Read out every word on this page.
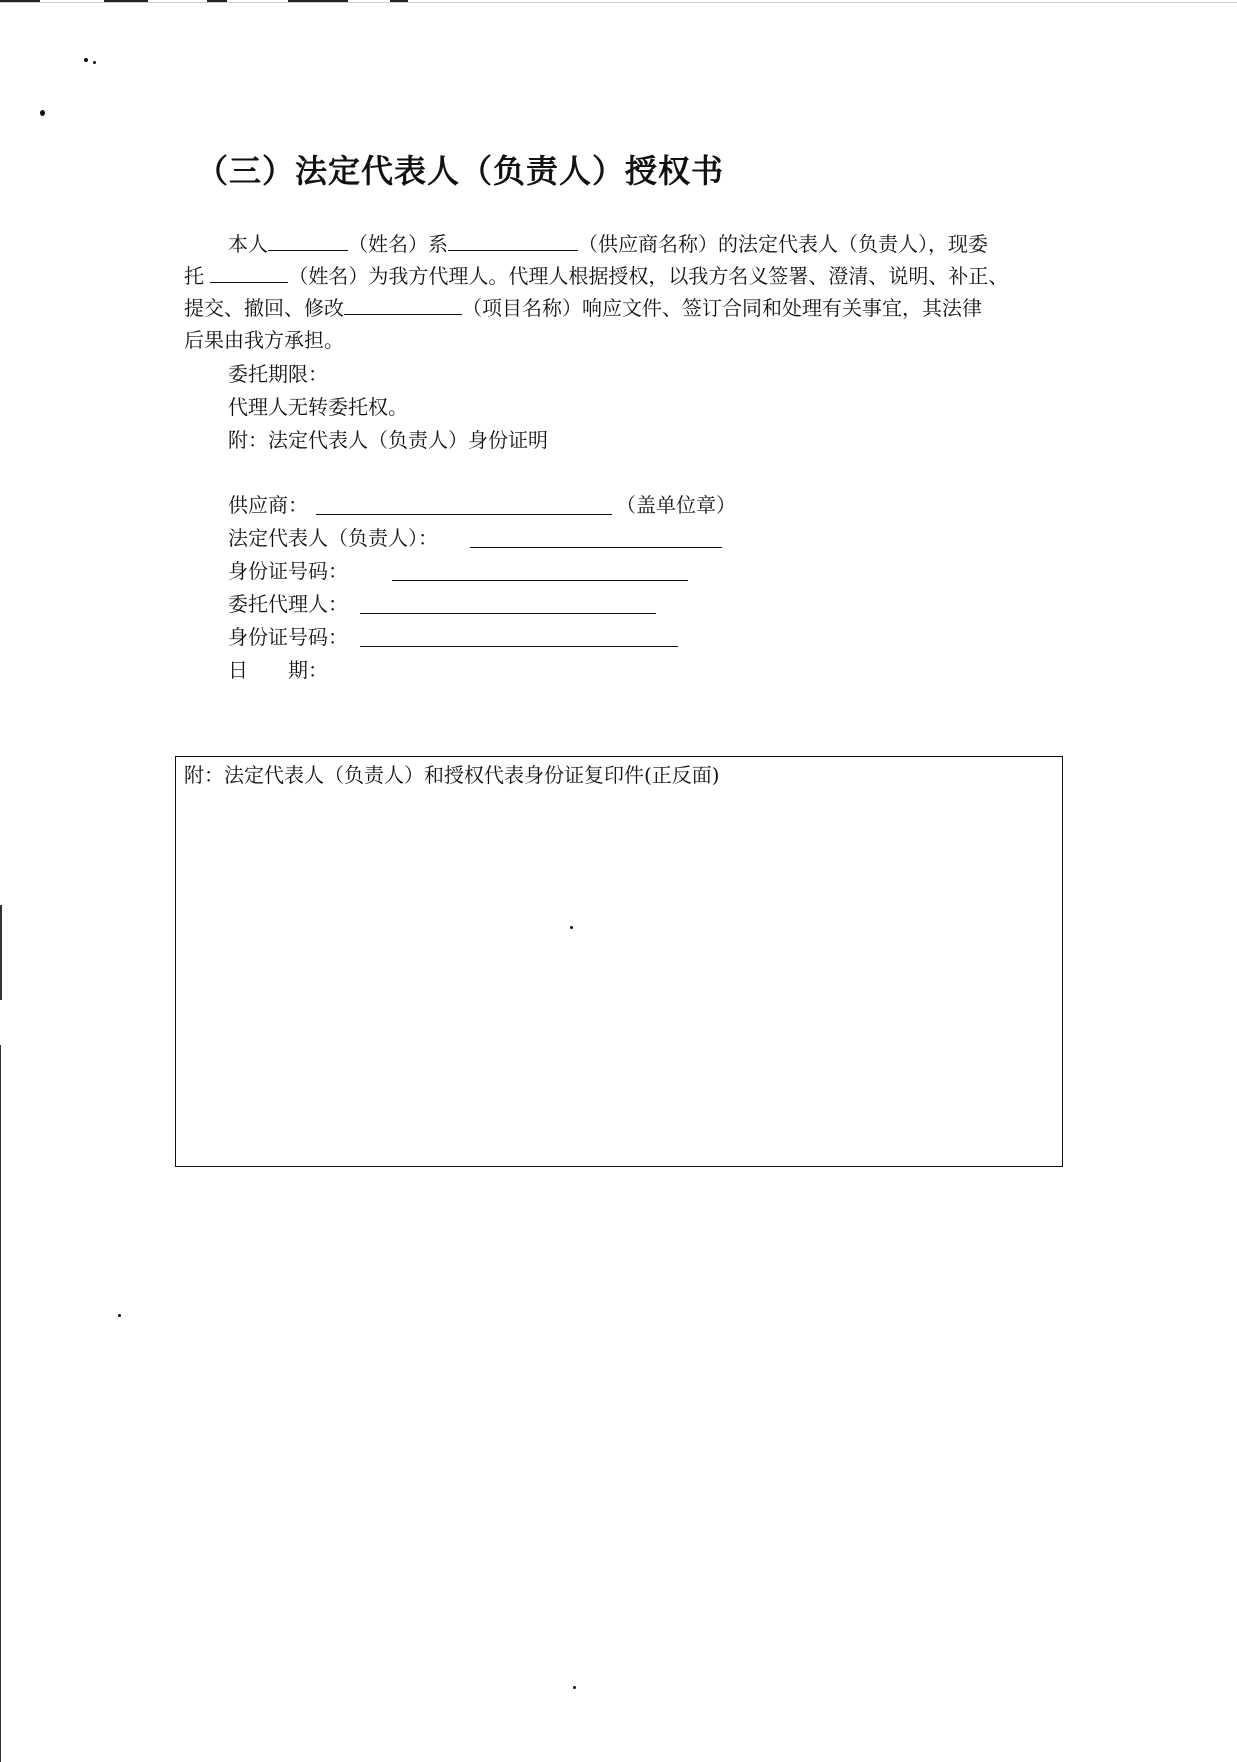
（三）法定代表人（负责人）授权书
本人	（姓名）系	（供应商名称）的法定代表人（负责人），现委
托	（姓名）为我方代理人。代理人根据授权，以我方名义签署、澄清、说明、补正、
提交、撤回、修改	（项目名称）响应文件、签订合同和处理有关事宜，其法律
后果由我方承担。
委托期限：
代理人无转委托权。
附：法定代表人（负责人）身份证明
供应商：	（盖单位章）
法定代表人（负责人）：
身份证号码：
委托代理人：
身份证号码：
日　　期：
附：法定代表人（负责人）和授权代表身份证复印件(正反面)
